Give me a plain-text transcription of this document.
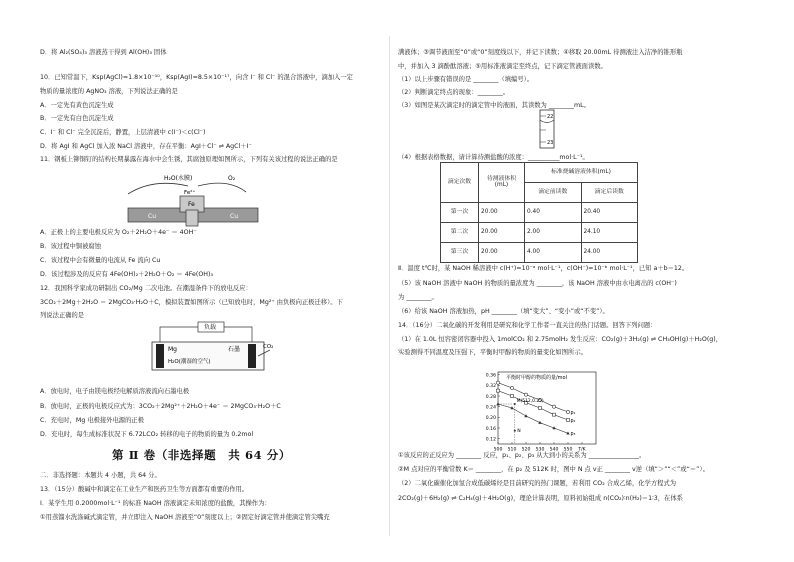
D．将 Al₂(SO₄)₃ 溶液蒸干得到 Al(OH)₃ 固体
10．已知常温下，Ksp(AgCl)=1.8×10⁻¹⁰，Ksp(AgI)=8.5×10⁻¹⁷，向含 I⁻ 和 Cl⁻ 的混合溶液中，滴加入一定
物质的量浓度的 AgNO₃ 溶液，下列说法正确的是
A．一定先有黄色沉淀生成
B．一定先有白色沉淀生成
C．I⁻ 和 Cl⁻ 完全沉淀后，静置，上层清液中 c(I⁻)＜c(Cl⁻)
D．将 AgI 和 AgCl 加入浓 NaCl 溶液中，存在平衡：AgI＋Cl⁻ ⇌ AgCl＋I⁻
11．钢板上铆铜钉的结构长期暴露在海水中会生锈，其腐蚀原理如图所示，下列有关该过程的说法正确的是
A．正极上的主要电极反应为 O₂＋2H₂O＋4e⁻ ＝ 4OH⁻
B．该过程中铜被腐蚀
C．该过程中会有微量的电流从 Fe 流向 Cu
D．该过程涉及的反应有 4Fe(OH)₂＋2H₂O＋O₂ ＝ 4Fe(OH)₃
12．我国科学家成功研制出 CO₂/Mg 二次电池。在潮湿条件下的放电反应：
3CO₂＋2Mg＋2H₂O ＝ 2MgCO₃·H₂O＋C，模拟装置如图所示（已知放电时，Mg²⁺ 由负极向正极迁移）。下
列说法正确的是
A．放电时，电子由镁电极经电解质溶液流向石墨电极
B．放电时，正极的电极反应式为：3CO₂＋2Mg²⁺＋2H₂O＋4e⁻ ＝ 2MgCO₃·H₂O＋C
C．充电时，Mg 电极接外电源的正极
D．充电时，每生成标准状况下 6.72LCO₂ 转移的电子的物质的量为 0.2mol
二．非选择题：本题共 4 小题，共 64 分。
13．（15分）酸碱中和滴定在工业生产和医药卫生等方面都有重要的作用。
Ⅰ．某学生用 0.2000mol·L⁻¹ 的标准 NaOH 溶液滴定未知浓度的盐酸，其操作为：
①用蒸馏水洗涤碱式滴定管，并立即注入 NaOH 溶液至“0”刻度以上；②固定好滴定管并使滴定管尖嘴充
第 Ⅱ 卷（非选择题　共 64 分）
H₂O(水膜)	O₂
Fe²⁺
Fe
Cu	Cu
负载
Mg	石墨
H₂O(潮湿的空气)
CO₂
满液体；③调节液面至“0”或“0”刻度线以下，并记下读数；④移取 20.00mL 待测液注入洁净的锥形瓶
中，并加入 3 滴酚酞溶液；⑤用标准液滴定至终点，记下滴定管液面读数。
（1）以上步骤有错误的是 ________（填编号）。
（2）判断滴定终点的现象：________。
（3）如图是某次滴定时的滴定管中的液面，其读数为 ________mL。
（4）根据表格数据，请计算待测盐酸的浓度：__________mol·L⁻¹。
Ⅱ．温度 t℃时，某 NaOH 稀溶液中 c(H⁺)=10⁻ᵃ mol·L⁻¹，c(OH⁻)=10⁻ᵇ mol·L⁻¹，已知 a＋b＝12。
（5）该 NaOH 溶液中 NaOH 的物质的量浓度为 ________，该 NaOH 溶液中由水电离出的 c(OH⁻)
为 ________。
（6）给该 NaOH 溶液加热，pH ________（填“变大”、“变小”或“不变”）。
14．（16分）二氧化碳的开发利用是研究和化学工作者一直关注的热门话题。回答下列问题：
（1）在 1.0L 恒容密闭容器中投入 1molCO₂ 和 2.75molH₂ 发生反应：CO₂(g)＋3H₂(g) ⇌ CH₃OH(g)＋H₂O(g)，
实验测得不同温度及压强下，平衡时甲醇的物质的量变化如图所示。
①该反应的正反应为 ________ 反应，p₁、p₂、p₃ 从大到小的关系为 ________________。
②M 点对应的平衡常数 K＝ ________，在 p₂ 及 512K 时，图中 N 点 v正 ________ v逆（填“＞”“＜”或“＝”）。
（2）二氧化碳催化加氢合成低碳烯烃是目前研究的热门课题，若利用 CO₂ 合成乙烯，化学方程式为
2CO₂(g)＋6H₂(g) ⇌ C₂H₄(g)＋4H₂O(g)，理论计算表明，原料初始组成 n(CO₂)∶n(H₂)＝1∶3，在体系
22
23
滴定次数	待测液体积(mL)	标准烧碱溶液体积(mL)	
		滴定前读数	滴定后读数
第一次	20.00	0.40	20.40
第二次	20.00	2.00	24.10
第三次	20.00	4.00	24.00
平衡时甲醇的物质的量/mol
0.36
0.32
0.28
0.24
0.20
0.16
0.12
500 510 520 530 540 550 T/K
p₁
p₂
p₃
M(512,0.25)
N
